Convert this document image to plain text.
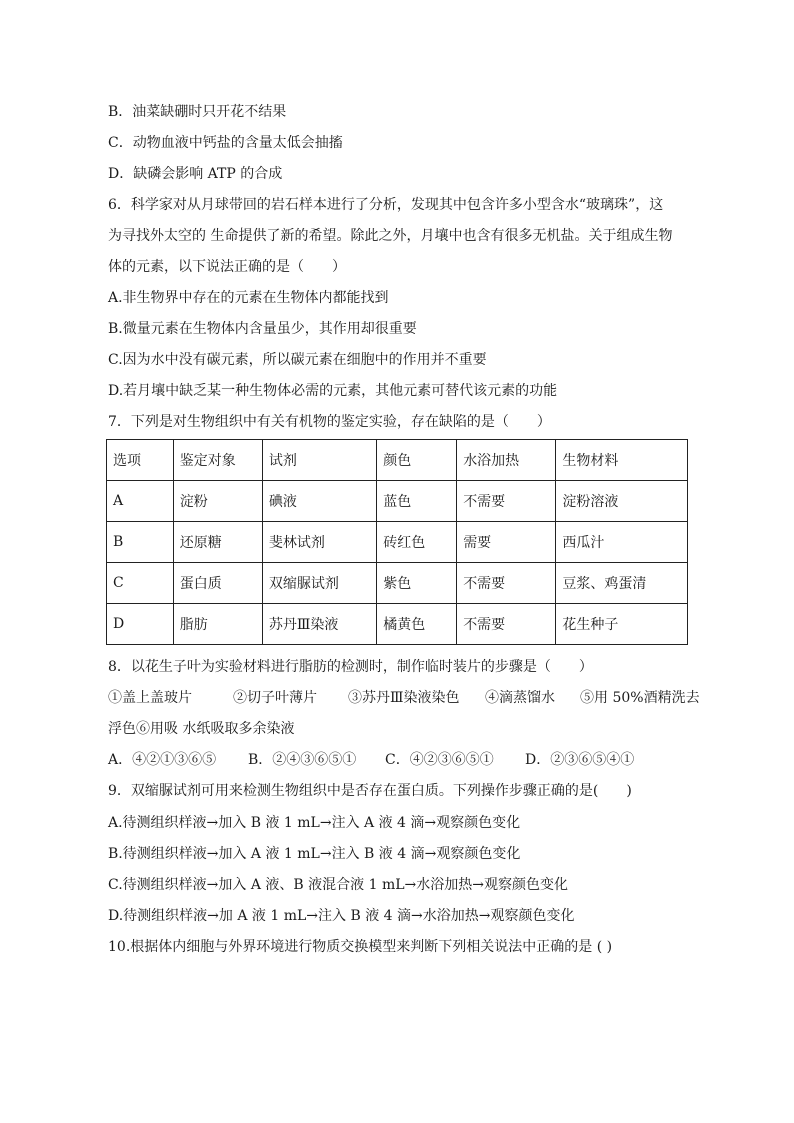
B．油菜缺硼时只开花不结果
C．动物血液中钙盐的含量太低会抽搐
D．缺磷会影响 ATP 的合成
6．科学家对从月球带回的岩石样本进行了分析，发现其中包含许多小型含水“玻璃珠”，这
为寻找外太空的 生命提供了新的希望。除此之外，月壤中也含有很多无机盐。关于组成生物
体的元素，以下说法正确的是（　　）
A.非生物界中存在的元素在生物体内都能找到
B.微量元素在生物体内含量虽少，其作用却很重要
C.因为水中没有碳元素，所以碳元素在细胞中的作用并不重要
D.若月壤中缺乏某一种生物体必需的元素，其他元素可替代该元素的功能
7．下列是对生物组织中有关有机物的鉴定实验，存在缺陷的是（　　）
选项	鉴定对象	试剂	颜色	水浴加热	生物材料
A	淀粉	碘液	蓝色	不需要	淀粉溶液
B	还原糖	斐林试剂	砖红色	需要	西瓜汁
C	蛋白质	双缩脲试剂	紫色	不需要	豆浆、鸡蛋清
D	脂肪	苏丹Ⅲ染液	橘黄色	不需要	花生种子
8．以花生子叶为实验材料进行脂肪的检测时，制作临时装片的步骤是（　　）
①盖上盖玻片	②切子叶薄片 ③苏丹Ⅲ染液染色 ④滴蒸馏水 ⑤用 50%酒精洗去
浮色⑥用吸 水纸吸取多余染液
A．④②①③⑥⑤ B．②④③⑥⑤① C．④②③⑥⑤① D．②③⑥⑤④①
9．双缩脲试剂可用来检测生物组织中是否存在蛋白质。下列操作步骤正确的是(　　)
A.待测组织样液→加入 B 液 1 mL→注入 A 液 4 滴→观察颜色变化
B.待测组织样液→加入 A 液 1 mL→注入 B 液 4 滴→观察颜色变化
C.待测组织样液→加入 A 液、B 液混合液 1 mL→水浴加热→观察颜色变化
D.待测组织样液→加 A 液 1 mL→注入 B 液 4 滴→水浴加热→观察颜色变化
10.根据体内细胞与外界环境进行物质交换模型来判断下列相关说法中正确的是 ( )
